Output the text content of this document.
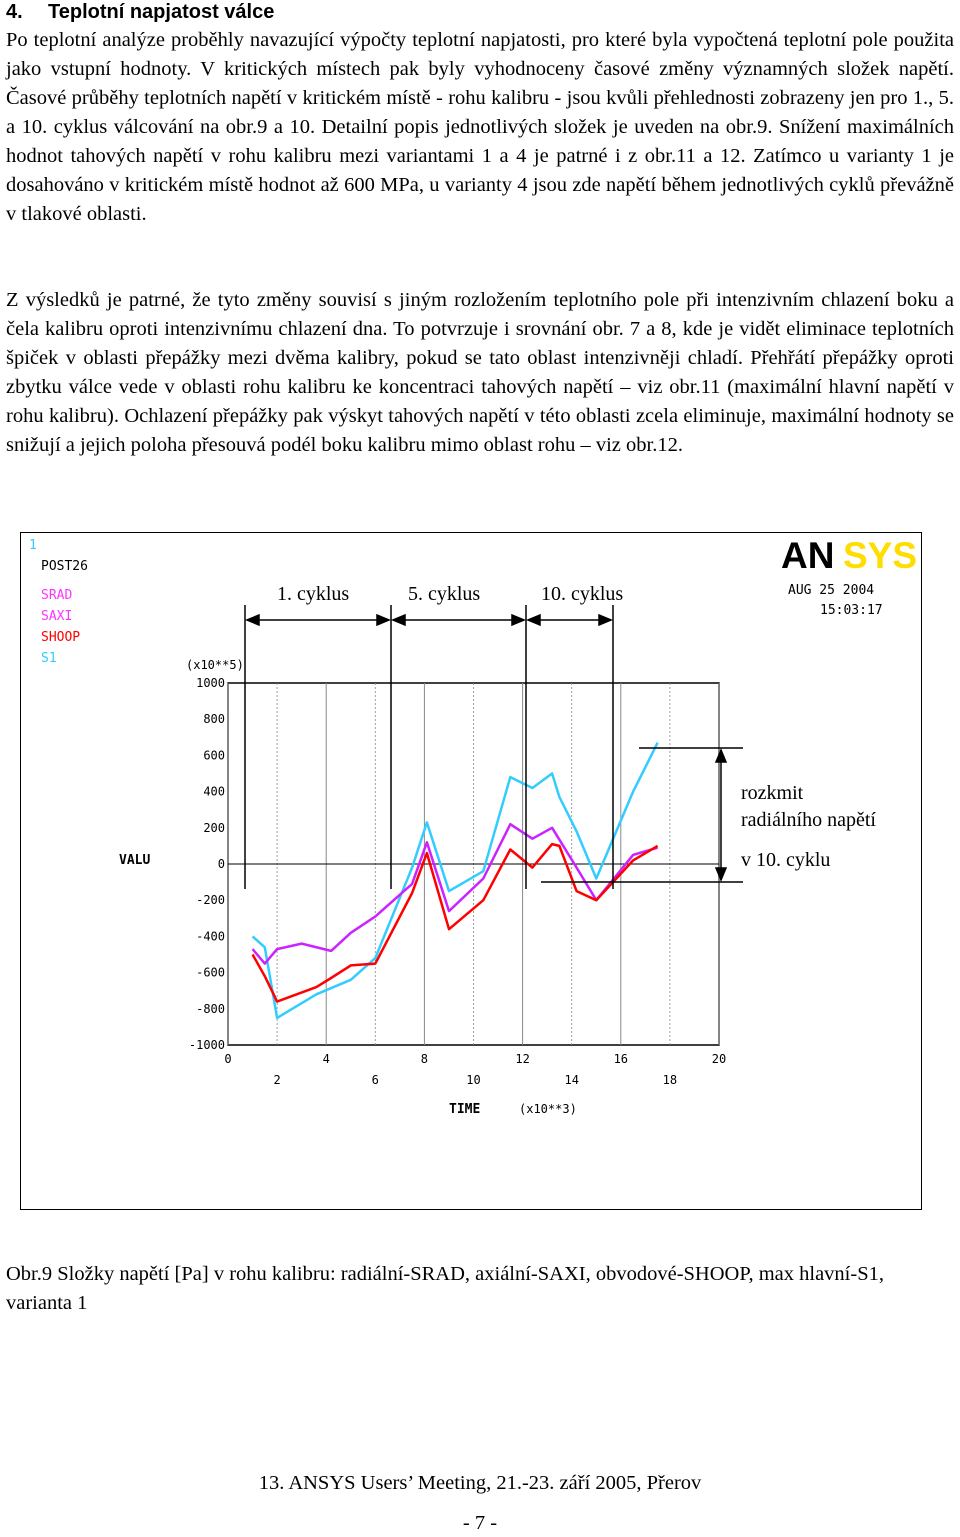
4. Teplotní napjatost válce

Po teplotní analýze proběhly navazující výpočty teplotní napjatosti, pro které byla vypočtená teplotní pole použita jako vstupní hodnoty. V kritických místech pak byly vyhodnoceny časové změny významných složek napětí. Časové průběhy teplotních napětí v kritickém místě - rohu kalibru - jsou kvůli přehlednosti zobrazeny jen pro 1., 5. a 10. cyklus válcování na obr.9 a 10. Detailní popis jednotlivých složek je uveden na obr.9. Snížení maximálních hodnot tahových napětí v rohu kalibru mezi variantami 1 a 4 je patrné i z obr.11 a 12. Zatímco u varianty 1 je dosahováno v kritickém místě hodnot až 600 MPa, u varianty 4 jsou zde napětí během jednotlivých cyklů převážně v tlakové oblasti.

Z výsledků je patrné, že tyto změny souvisí s jiným rozložením teplotního pole při intenzivním chlazení boku a čela kalibru oproti intenzivnímu chlazení dna. To potvrzuje i srovnání obr. 7 a 8, kde je vidět eliminace teplotních špiček v oblasti přepážky mezi dvěma kalibry, pokud se tato oblast intenzivněji chladí. Přehřátí přepážky oproti zbytku válce vede v oblasti rohu kalibru ke koncentraci tahových napětí – viz obr.11 (maximální hlavní napětí v rohu kalibru). Ochlazení přepážky pak výskyt tahových napětí v této oblasti zcela eliminuje, maximální hodnoty se snižují a jejich poloha přesouvá podél boku kalibru mimo oblast rohu – viz obr.12.

1
POST26
SRAD
SAXI
SHOOP
S1
AN SYS
AUG 25 2004
15:03:17
(x10**5)
VALU
1000
800
600
400
200
0
-200
-400
-600
-800
-1000
0	4	8	12	16	20
2	6	10	14	18
TIME	(x10**3)
1. cyklus	5. cyklus	10. cyklus
rozkmit
radiálního napětí
v 10. cyklu

Obr.9 Složky napětí [Pa] v rohu kalibru: radiální-SRAD, axiální-SAXI, obvodové-SHOOP, max hlavní-S1, varianta 1

13. ANSYS Users’ Meeting, 21.-23. září 2005, Přerov

- 7 -
